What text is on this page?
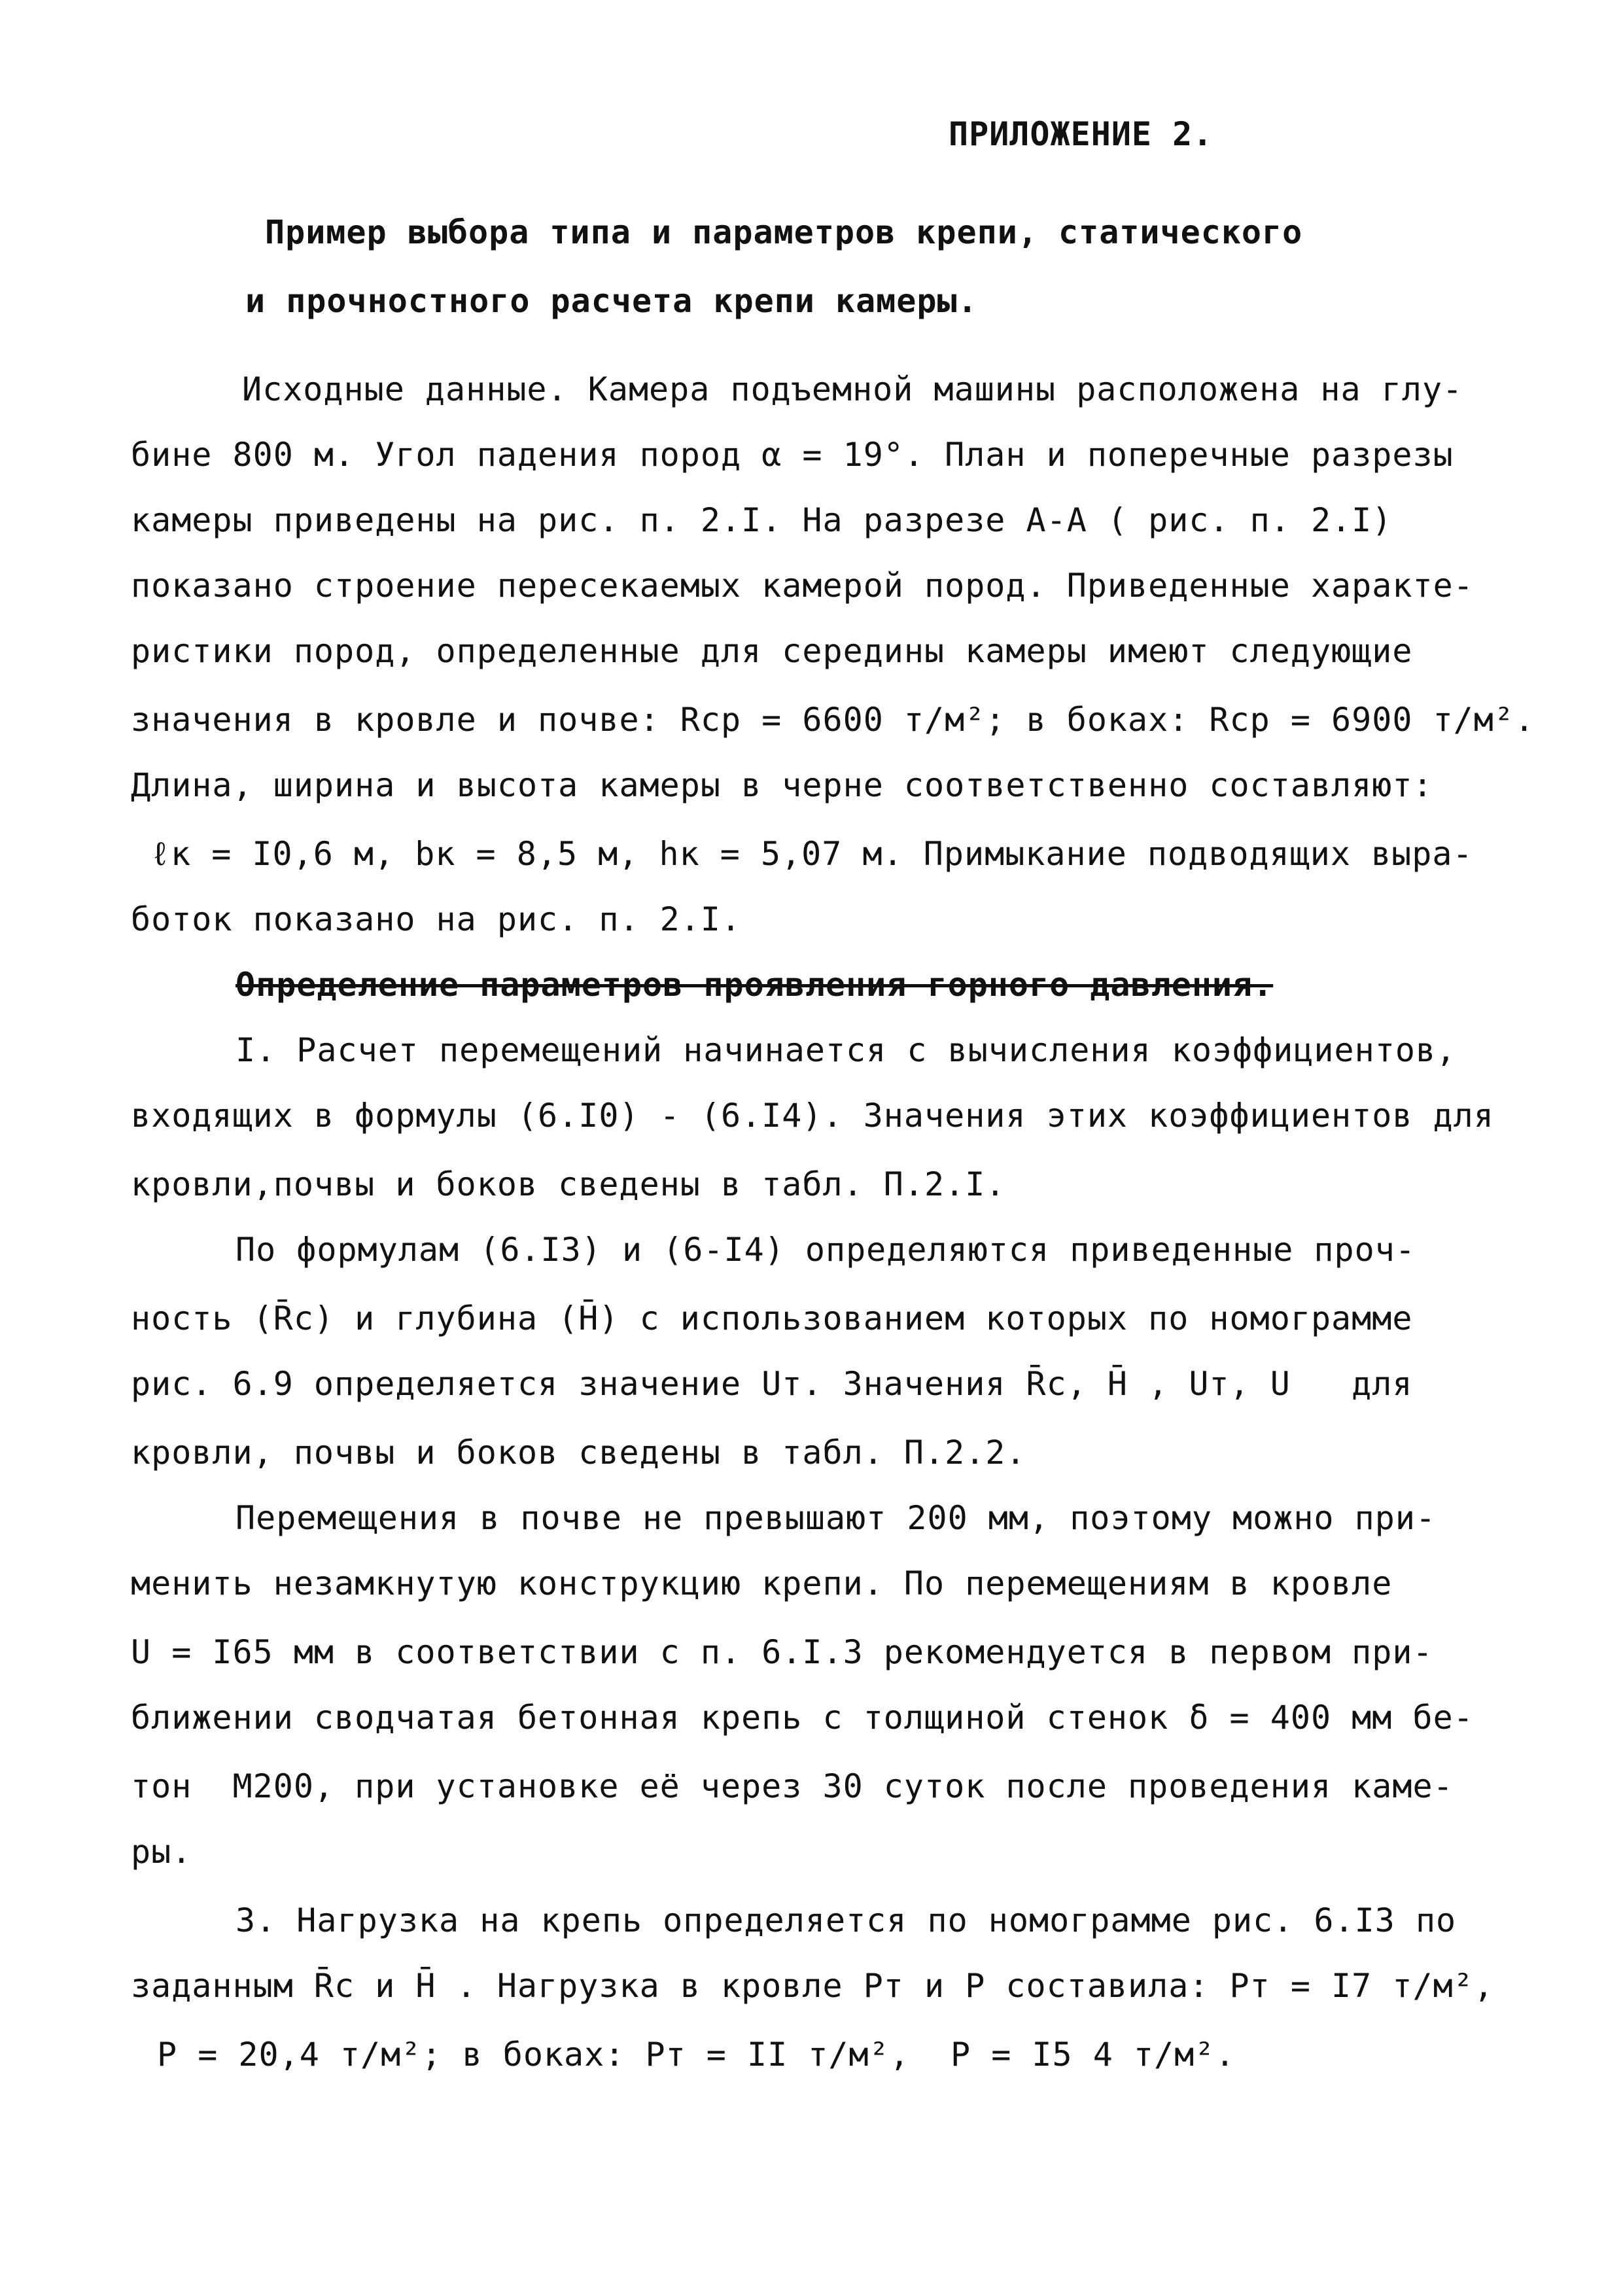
ПРИЛОЖЕНИЕ 2.
Пример выбора типа и параметров крепи, статического
и прочностного расчета крепи камеры.
Исходные данные. Камера подъемной машины расположена на глу-
бине 800 м. Угол падения пород α = 19°. План и поперечные разрезы
камеры приведены на рис. п. 2.I. На разрезе А-А ( рис. п. 2.I)
показано строение пересекаемых камерой пород. Приведенные характе-
ристики пород, определенные для середины камеры имеют следующие
значения в кровле и почве: Rcp = 6600 т/м²; в боках: Rcp = 6900 т/м².
Длина, ширина и высота камеры в черне соответственно составляют:
ℓк = I0,6 м, bк = 8,5 м, hк = 5,07 м. Примыкание подводящих выра-
боток показано на рис. п. 2.I.
Определение параметров проявления горного давления.
I. Расчет перемещений начинается с вычисления коэффициентов,
входящих в формулы (6.I0) - (6.I4). Значения этих коэффициентов для
кровли,почвы и боков сведены в табл. П.2.I.
По формулам (6.I3) и (6-I4) определяются приведенные проч-
ность (R̄c) и глубина (H̄) с использованием которых по номограмме
рис. 6.9 определяется значение Uт. Значения R̄c, H̄ , Uт, U   для
кровли, почвы и боков сведены в табл. П.2.2.
Перемещения в почве не превышают 200 мм, поэтому можно при-
менить незамкнутую конструкцию крепи. По перемещениям в кровле
U = I65 мм в соответствии с п. 6.I.3 рекомендуется в первом при-
ближении сводчатая бетонная крепь с толщиной стенок δ = 400 мм бе-
тон  М200, при установке её через 30 суток после проведения каме-
ры.
3. Нагрузка на крепь определяется по номограмме рис. 6.I3 по
заданным R̄c и H̄ . Нагрузка в кровле Pт и P составила: Pт = I7 т/м²,
P = 20,4 т/м²; в боках: Pт = II т/м²,  P = I5 4 т/м².
